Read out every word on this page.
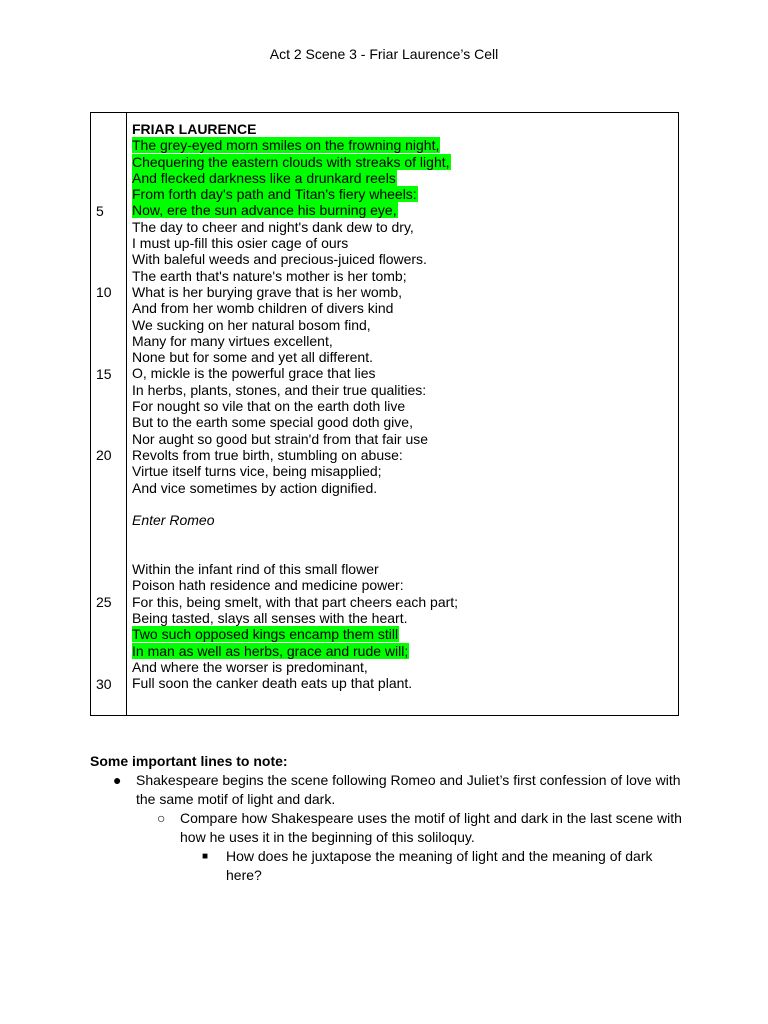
Act 2 Scene 3 - Friar Laurence’s Cell
5
10
15
20
25
30
FRIAR LAURENCE
The grey-eyed morn smiles on the frowning night,
Chequering the eastern clouds with streaks of light,
And flecked darkness like a drunkard reels
From forth day's path and Titan's fiery wheels:
Now, ere the sun advance his burning eye,
The day to cheer and night's dank dew to dry,
I must up-fill this osier cage of ours
With baleful weeds and precious-juiced flowers.
The earth that's nature's mother is her tomb;
What is her burying grave that is her womb,
And from her womb children of divers kind
We sucking on her natural bosom find,
Many for many virtues excellent,
None but for some and yet all different.
O, mickle is the powerful grace that lies
In herbs, plants, stones, and their true qualities:
For nought so vile that on the earth doth live
But to the earth some special good doth give,
Nor aught so good but strain'd from that fair use
Revolts from true birth, stumbling on abuse:
Virtue itself turns vice, being misapplied;
And vice sometimes by action dignified.
Enter Romeo
Within the infant rind of this small flower
Poison hath residence and medicine power:
For this, being smelt, with that part cheers each part;
Being tasted, slays all senses with the heart.
Two such opposed kings encamp them still
In man as well as herbs, grace and rude will;
And where the worser is predominant,
Full soon the canker death eats up that plant.
Some important lines to note:
● Shakespeare begins the scene following Romeo and Juliet’s first confession of love with the same motif of light and dark.
○ Compare how Shakespeare uses the motif of light and dark in the last scene with how he uses it in the beginning of this soliloquy.
■ How does he juxtapose the meaning of light and the meaning of dark here?
